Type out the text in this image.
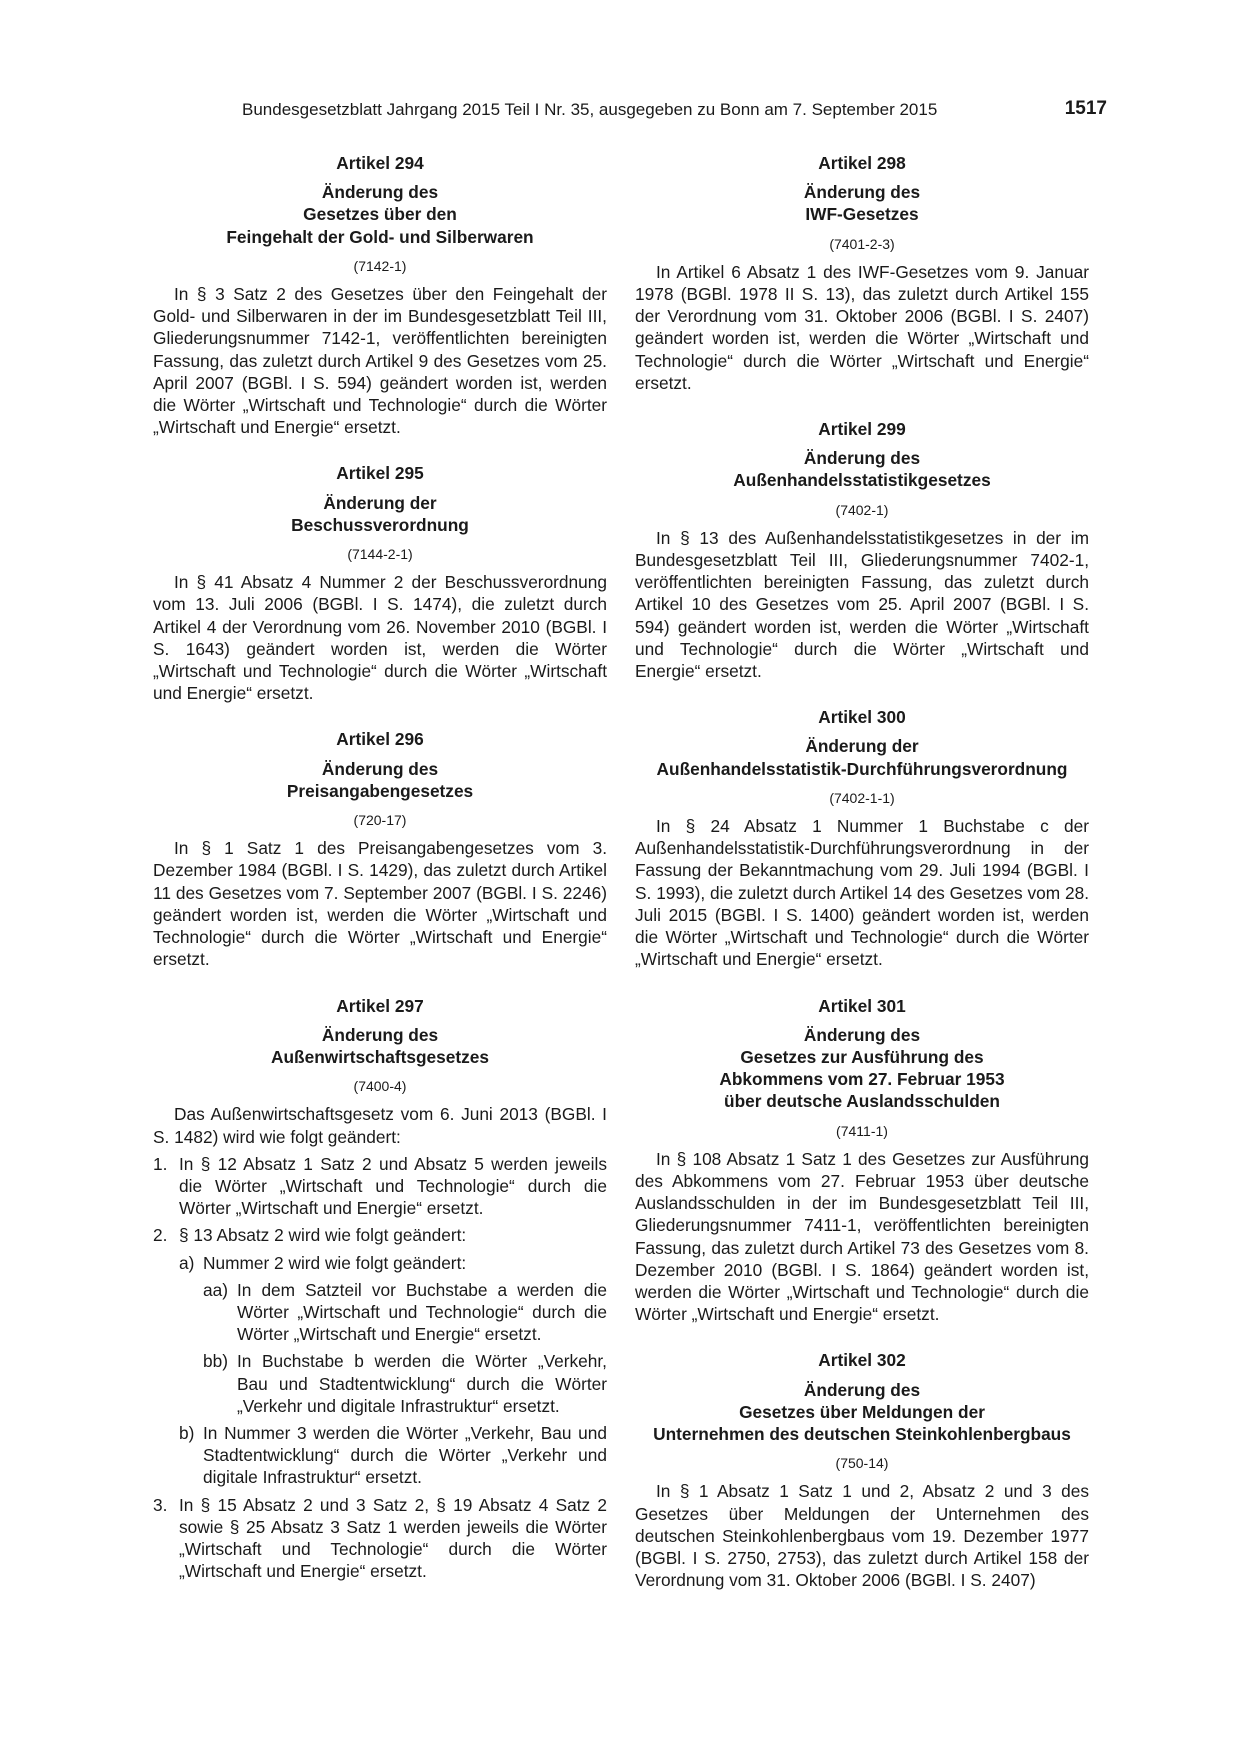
Bundesgesetzblatt Jahrgang 2015 Teil I Nr. 35, ausgegeben zu Bonn am 7. September 2015	1517
Artikel 294
Änderung des
Gesetzes über den
Feingehalt der Gold- und Silberwaren
(7142-1)
In § 3 Satz 2 des Gesetzes über den Feingehalt der Gold- und Silberwaren in der im Bundesgesetzblatt Teil III, Gliederungsnummer 7142-1, veröffentlichten bereinigten Fassung, das zuletzt durch Artikel 9 des Gesetzes vom 25. April 2007 (BGBl. I S. 594) geändert worden ist, werden die Wörter „Wirtschaft und Technologie“ durch die Wörter „Wirtschaft und Energie“ ersetzt.
Artikel 295
Änderung der
Beschussverordnung
(7144-2-1)
In § 41 Absatz 4 Nummer 2 der Beschussverordnung vom 13. Juli 2006 (BGBl. I S. 1474), die zuletzt durch Artikel 4 der Verordnung vom 26. November 2010 (BGBl. I S. 1643) geändert worden ist, werden die Wörter „Wirtschaft und Technologie“ durch die Wörter „Wirtschaft und Energie“ ersetzt.
Artikel 296
Änderung des
Preisangabengesetzes
(720-17)
In § 1 Satz 1 des Preisangabengesetzes vom 3. Dezember 1984 (BGBl. I S. 1429), das zuletzt durch Artikel 11 des Gesetzes vom 7. September 2007 (BGBl. I S. 2246) geändert worden ist, werden die Wörter „Wirtschaft und Technologie“ durch die Wörter „Wirtschaft und Energie“ ersetzt.
Artikel 297
Änderung des
Außenwirtschaftsgesetzes
(7400-4)
Das Außenwirtschaftsgesetz vom 6. Juni 2013 (BGBl. I S. 1482) wird wie folgt geändert:
1. In § 12 Absatz 1 Satz 2 und Absatz 5 werden jeweils die Wörter „Wirtschaft und Technologie“ durch die Wörter „Wirtschaft und Energie“ ersetzt.
2. § 13 Absatz 2 wird wie folgt geändert:
a) Nummer 2 wird wie folgt geändert:
aa) In dem Satzteil vor Buchstabe a werden die Wörter „Wirtschaft und Technologie“ durch die Wörter „Wirtschaft und Energie“ ersetzt.
bb) In Buchstabe b werden die Wörter „Verkehr, Bau und Stadtentwicklung“ durch die Wörter „Verkehr und digitale Infrastruktur“ ersetzt.
b) In Nummer 3 werden die Wörter „Verkehr, Bau und Stadtentwicklung“ durch die Wörter „Verkehr und digitale Infrastruktur“ ersetzt.
3. In § 15 Absatz 2 und 3 Satz 2, § 19 Absatz 4 Satz 2 sowie § 25 Absatz 3 Satz 1 werden jeweils die Wörter „Wirtschaft und Technologie“ durch die Wörter „Wirtschaft und Energie“ ersetzt.
Artikel 298
Änderung des
IWF-Gesetzes
(7401-2-3)
In Artikel 6 Absatz 1 des IWF-Gesetzes vom 9. Januar 1978 (BGBl. 1978 II S. 13), das zuletzt durch Artikel 155 der Verordnung vom 31. Oktober 2006 (BGBl. I S. 2407) geändert worden ist, werden die Wörter „Wirtschaft und Technologie“ durch die Wörter „Wirtschaft und Energie“ ersetzt.
Artikel 299
Änderung des
Außenhandelsstatistikgesetzes
(7402-1)
In § 13 des Außenhandelsstatistikgesetzes in der im Bundesgesetzblatt Teil III, Gliederungsnummer 7402-1, veröffentlichten bereinigten Fassung, das zuletzt durch Artikel 10 des Gesetzes vom 25. April 2007 (BGBl. I S. 594) geändert worden ist, werden die Wörter „Wirtschaft und Technologie“ durch die Wörter „Wirtschaft und Energie“ ersetzt.
Artikel 300
Änderung der
Außenhandelsstatistik-Durchführungsverordnung
(7402-1-1)
In § 24 Absatz 1 Nummer 1 Buchstabe c der Außenhandelsstatistik-Durchführungsverordnung in der Fassung der Bekanntmachung vom 29. Juli 1994 (BGBl. I S. 1993), die zuletzt durch Artikel 14 des Gesetzes vom 28. Juli 2015 (BGBl. I S. 1400) geändert worden ist, werden die Wörter „Wirtschaft und Technologie“ durch die Wörter „Wirtschaft und Energie“ ersetzt.
Artikel 301
Änderung des
Gesetzes zur Ausführung des
Abkommens vom 27. Februar 1953
über deutsche Auslandsschulden
(7411-1)
In § 108 Absatz 1 Satz 1 des Gesetzes zur Ausführung des Abkommens vom 27. Februar 1953 über deutsche Auslandsschulden in der im Bundesgesetzblatt Teil III, Gliederungsnummer 7411-1, veröffentlichten bereinigten Fassung, das zuletzt durch Artikel 73 des Gesetzes vom 8. Dezember 2010 (BGBl. I S. 1864) geändert worden ist, werden die Wörter „Wirtschaft und Technologie“ durch die Wörter „Wirtschaft und Energie“ ersetzt.
Artikel 302
Änderung des
Gesetzes über Meldungen der
Unternehmen des deutschen Steinkohlenbergbaus
(750-14)
In § 1 Absatz 1 Satz 1 und 2, Absatz 2 und 3 des Gesetzes über Meldungen der Unternehmen des deutschen Steinkohlenbergbaus vom 19. Dezember 1977 (BGBl. I S. 2750, 2753), das zuletzt durch Artikel 158 der Verordnung vom 31. Oktober 2006 (BGBl. I S. 2407)
